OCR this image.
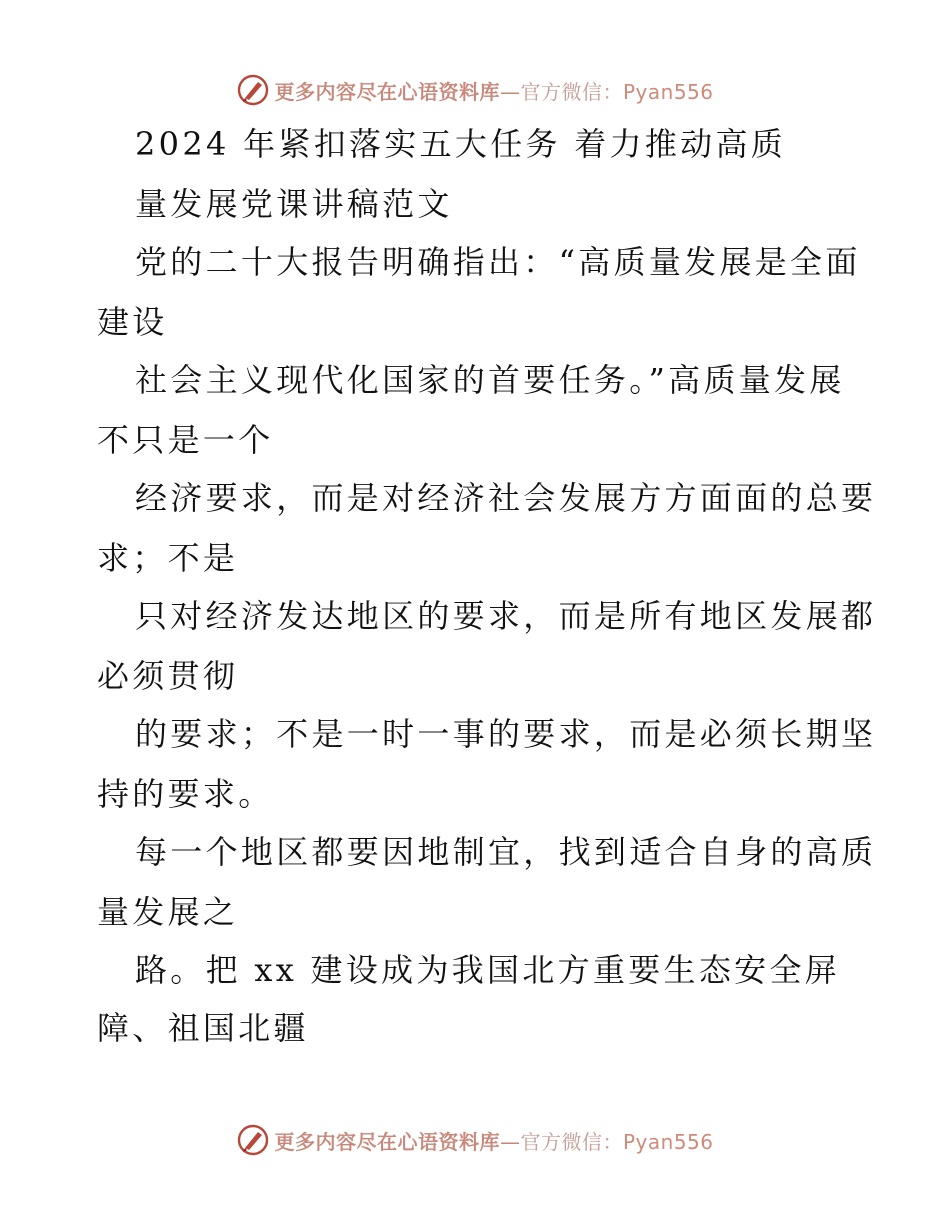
更多内容尽在心语资料库—官方微信：Pyan556
2024 年紧扣落实五大任务 着力推动高质
量发展党课讲稿范文
党的二十大报告明确指出：“高质量发展是全面
建设
社会主义现代化国家的首要任务。”高质量发展
不只是一个
经济要求，而是对经济社会发展方方面面的总要
求；不是
只对经济发达地区的要求，而是所有地区发展都
必须贯彻
的要求；不是一时一事的要求，而是必须长期坚
持的要求。
每一个地区都要因地制宜，找到适合自身的高质
量发展之
路。把 xx 建设成为我国北方重要生态安全屏
障、祖国北疆
更多内容尽在心语资料库—官方微信：Pyan556
